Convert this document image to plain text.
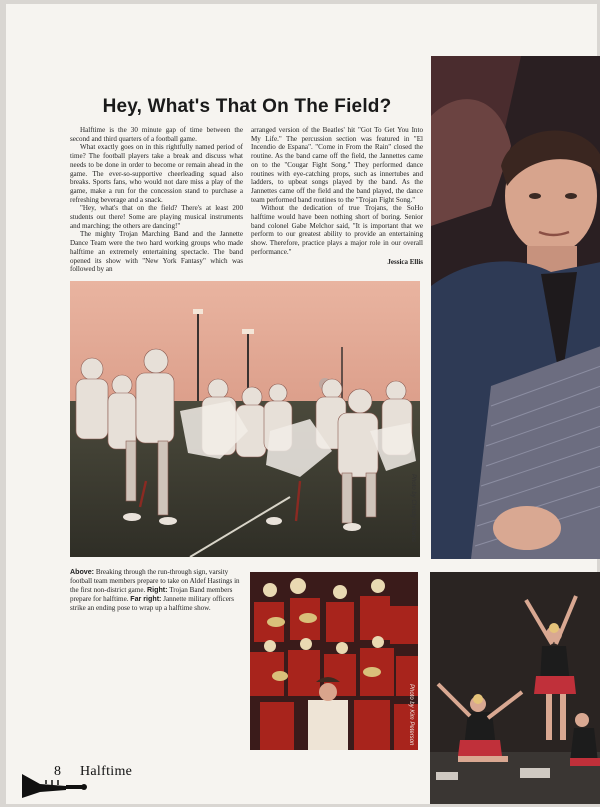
Hey, What's That On The Field?

Halftime is the 30 minute gap of time between the second and third quarters of a football game.

What exactly goes on in this rightfully named period of time? The football players take a break and discuss what needs to be done in order to become or remain ahead in the game. The ever-so-supportive cheerleading squad also breaks. Sports fans, who would not dare miss a play of the game, make a run for the concession stand to purchase a refreshing beverage and a snack.

"Hey, what's that on the field? There's at least 200 students out there! Some are playing musical instruments and marching; the others are dancing!"

The mighty Trojan Marching Band and the Jannette Dance Team were the two hard working groups who made halftime an extremely entertaining spectacle. The band opened its show with "New York Fantasy" which was followed by an

arranged version of the Beatles' hit "Got To Get You Into My Life." The percussion section was featured in "El Incendio de Espana". "Come in From the Rain" closed the routine. As the band came off the field, the Jannettes came on to the "Cougar Fight Song." They performed dance routines with eye-catching props, such as innertubes and ladders, to upbeat songs played by the band. As the Jannettes came off the field and the band played, the dance team performed band routines to the "Trojan Fight Song."

Without the dedication of true Trojans, the SoHo halftime would have been nothing short of boring. Senior band colonel Gabe Melchor said, "It is important that we perform to our greatest ability to provide an entertaining show. Therefore, practice plays a major role in our overall performance."

Jessica Ellis
Photo by Christy Williams
Above: Breaking through the run-through sign, varsity football team members prepare to take on Aldef Hastings in the first non-district game. Right: Trojan Band members prepare for halftime. Far right: Jannette military officers strike an ending pose to wrap up a halftime show.
Photo by Kim Peterson
8 Halftime
